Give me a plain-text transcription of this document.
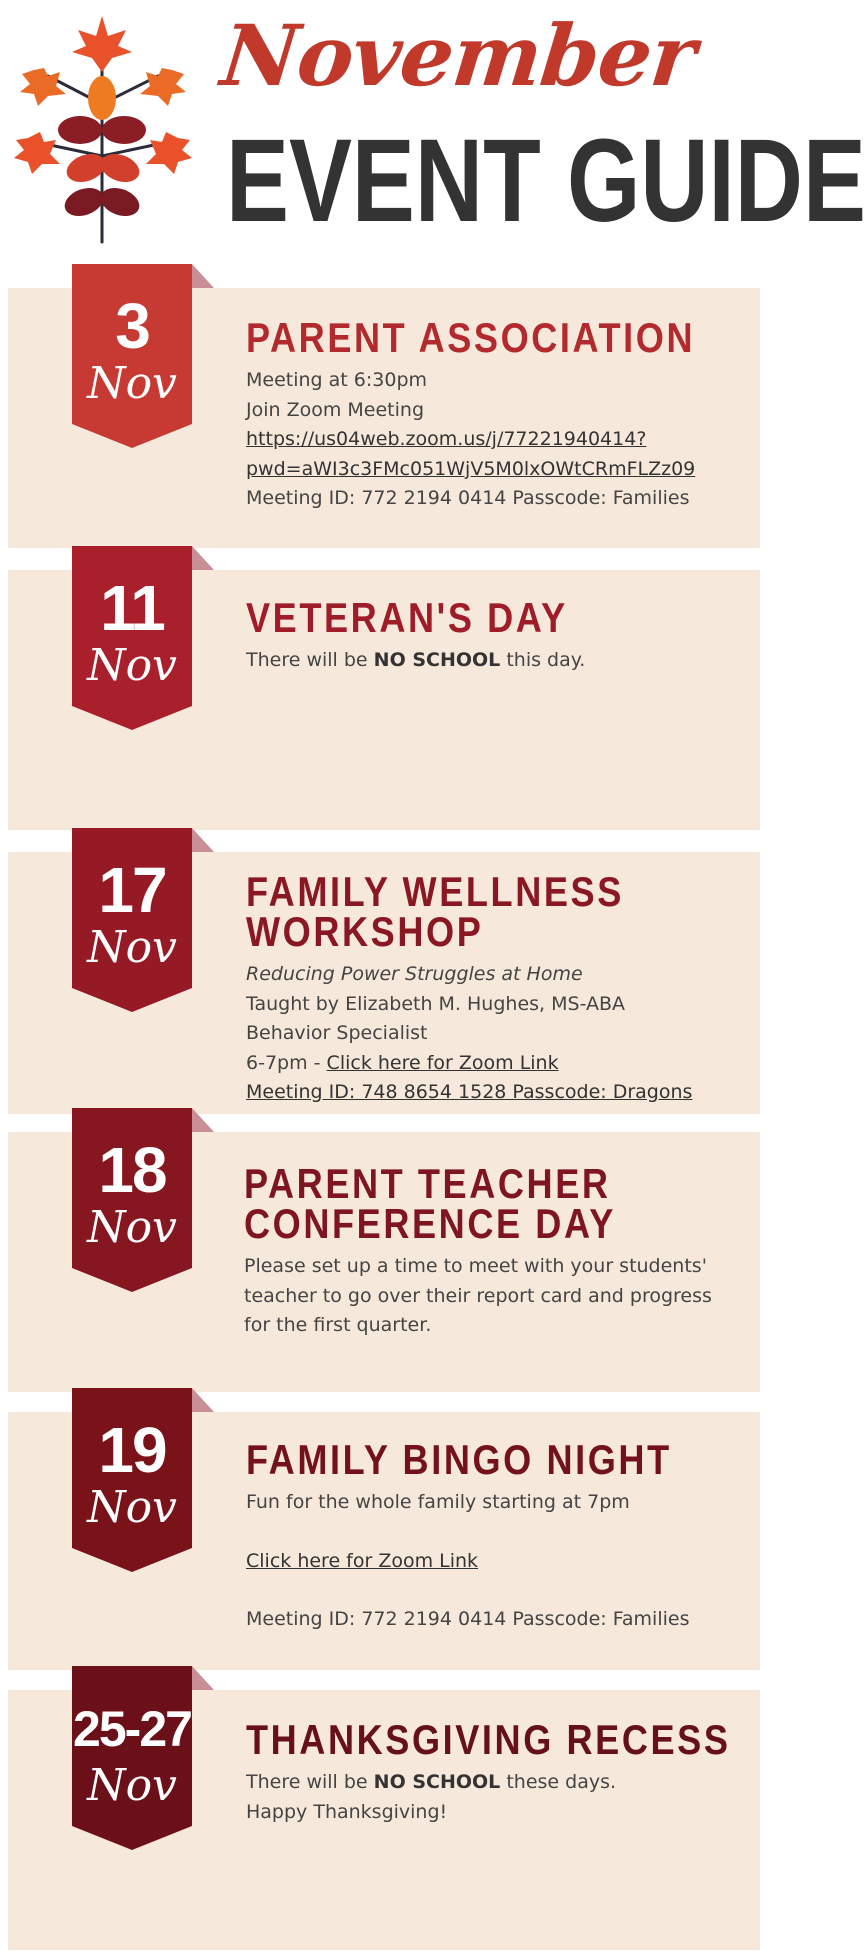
November
EVENT GUIDE
3
Nov
PARENT ASSOCIATION

Meeting at 6:30pm

Join Zoom Meeting

https://us04web.zoom.us/j/77221940414?

pwd=aWI3c3FMc051WjV5M0lxOWtCRmFLZz09

Meeting ID: 772 2194 0414 Passcode: Families

11
Nov
VETERAN'S DAY

There will be NO SCHOOL this day.

17
Nov
FAMILY WELLNESS
WORKSHOP

Reducing Power Struggles at Home

Taught by Elizabeth M. Hughes, MS-ABA

Behavior Specialist

6-7pm - Click here for Zoom Link

Meeting ID: 748 8654 1528 Passcode: Dragons

18
Nov
PARENT TEACHER
CONFERENCE DAY

Please set up a time to meet with your students'

teacher to go over their report card and progress

for the first quarter.

19
Nov
FAMILY BINGO NIGHT

Fun for the whole family starting at 7pm

Click here for Zoom Link

Meeting ID: 772 2194 0414 Passcode: Families

25-27
Nov
THANKSGIVING RECESS

There will be NO SCHOOL these days.

Happy Thanksgiving!
